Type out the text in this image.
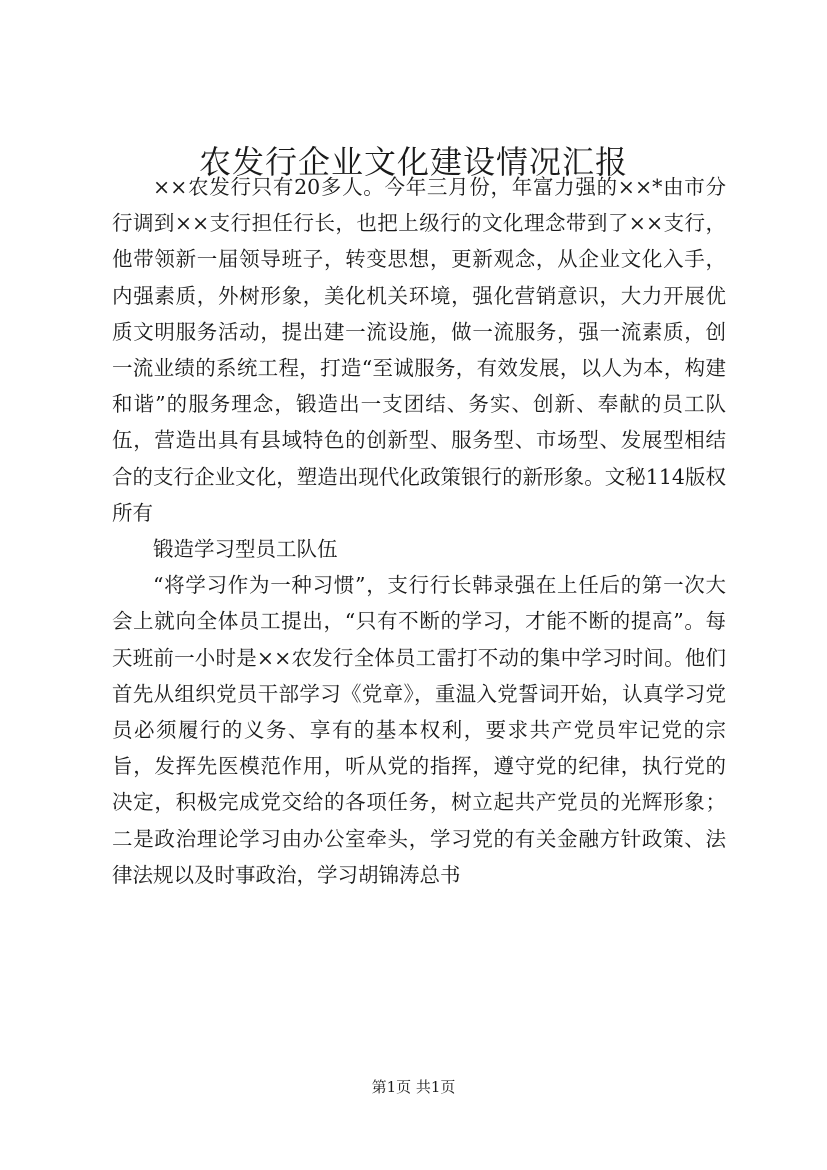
农发行企业文化建设情况汇报

××农发行只有20多人。今年三月份，年富力强的××*由市分行调到××支行担任行长，也把上级行的文化理念带到了××支行，他带领新一届领导班子，转变思想，更新观念，从企业文化入手，内强素质，外树形象，美化机关环境，强化营销意识，大力开展优质文明服务活动，提出建一流设施，做一流服务，强一流素质，创一流业绩的系统工程，打造“至诚服务，有效发展，以人为本，构建和谐”的服务理念，锻造出一支团结、务实、创新、奉献的员工队伍，营造出具有县域特色的创新型、服务型、市场型、发展型相结合的支行企业文化，塑造出现代化政策银行的新形象。文秘114版权所有

锻造学习型员工队伍

“将学习作为一种习惯”，支行行长韩录强在上任后的第一次大会上就向全体员工提出，“只有不断的学习，才能不断的提高”。每天班前一小时是××农发行全体员工雷打不动的集中学习时间。他们首先从组织党员干部学习《党章》，重温入党誓词开始，认真学习党员必须履行的义务、享有的基本权利，要求共产党员牢记党的宗旨，发挥先医模范作用，听从党的指挥，遵守党的纪律，执行党的决定，积极完成党交给的各项任务，树立起共产党员的光辉形象；二是政治理论学习由办公室牵头，学习党的有关金融方针政策、法律法规以及时事政治，学习胡锦涛总书

第1页 共1页
